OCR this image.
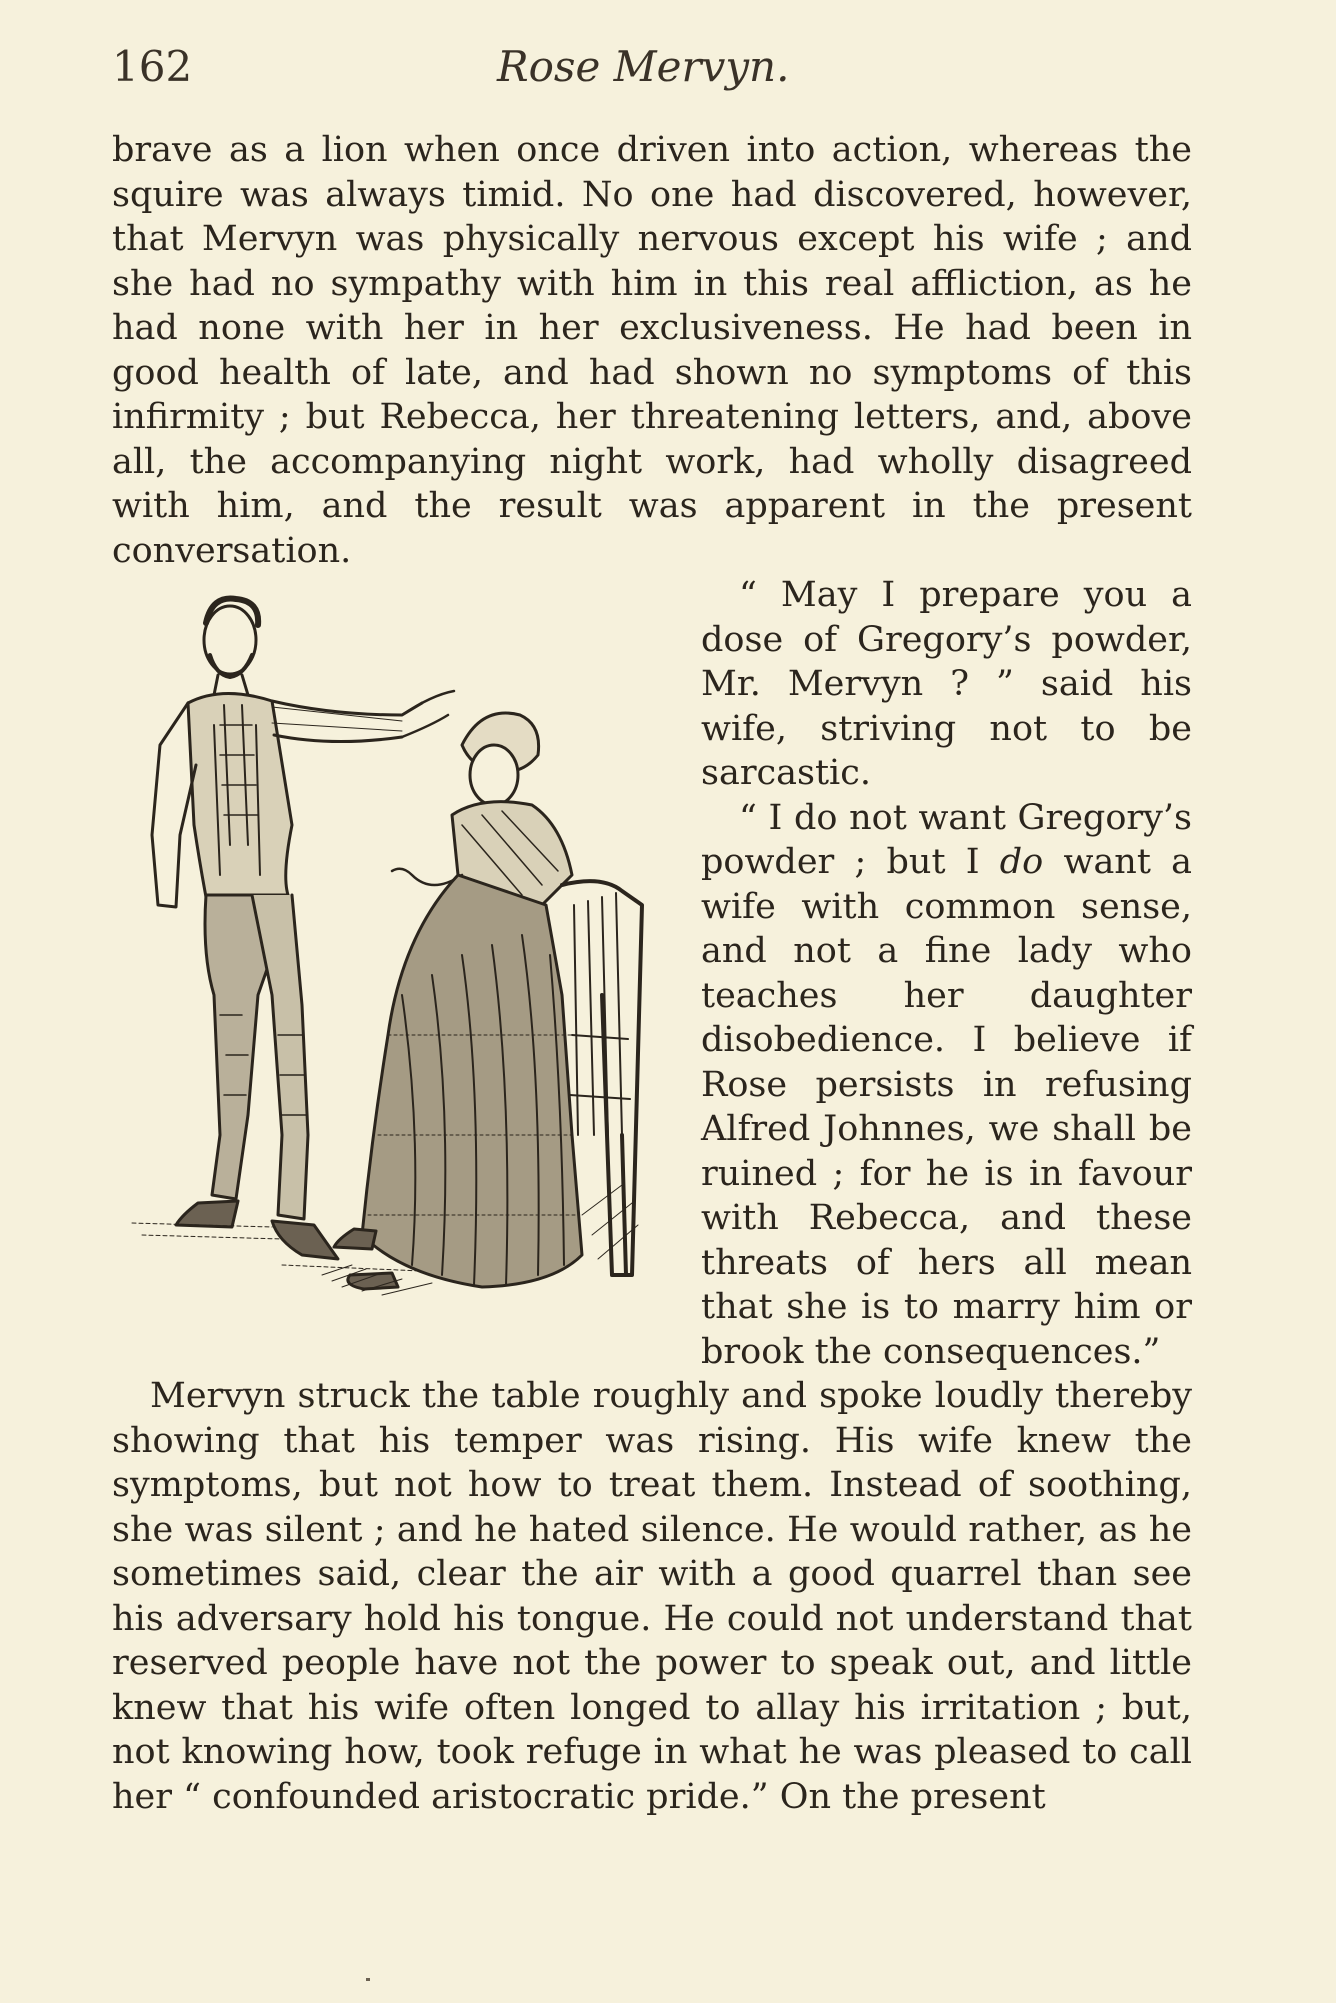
162	Rose Mervyn.

brave as a lion when once driven into action, whereas the squire was always timid. No one had discovered, however, that Mervyn was physically nervous except his wife ; and she had no sympathy with him in this real affliction, as he had none with her in her exclusiveness. He had been in good health of late, and had shown no symptoms of this infirmity ; but Rebecca, her threatening letters, and, above all, the accompanying night work, had wholly disagreed with him, and the result was apparent in the present conversation.

“ May I prepare you a dose of Gregory’s powder, Mr. Mervyn ? ” said his wife, striving not to be sarcastic.

“ I do not want Gregory’s powder ; but I do want a wife with common sense, and not a fine lady who teaches her daughter disobedience. I believe if Rose persists in refusing Alfred Johnnes, we shall be ruined ; for he is in favour with Rebecca, and these threats of hers all mean that she is to marry him or brook the consequences.”

Mervyn struck the table roughly and spoke loudly thereby showing that his temper was rising. His wife knew the symptoms, but not how to treat them. Instead of soothing, she was silent ; and he hated silence. He would rather, as he sometimes said, clear the air with a good quarrel than see his adversary hold his tongue. He could not understand that reserved people have not the power to speak out, and little knew that his wife often longed to allay his irritation ; but, not knowing how, took refuge in what he was pleased to call her “ confounded aristocratic pride.” On the present
